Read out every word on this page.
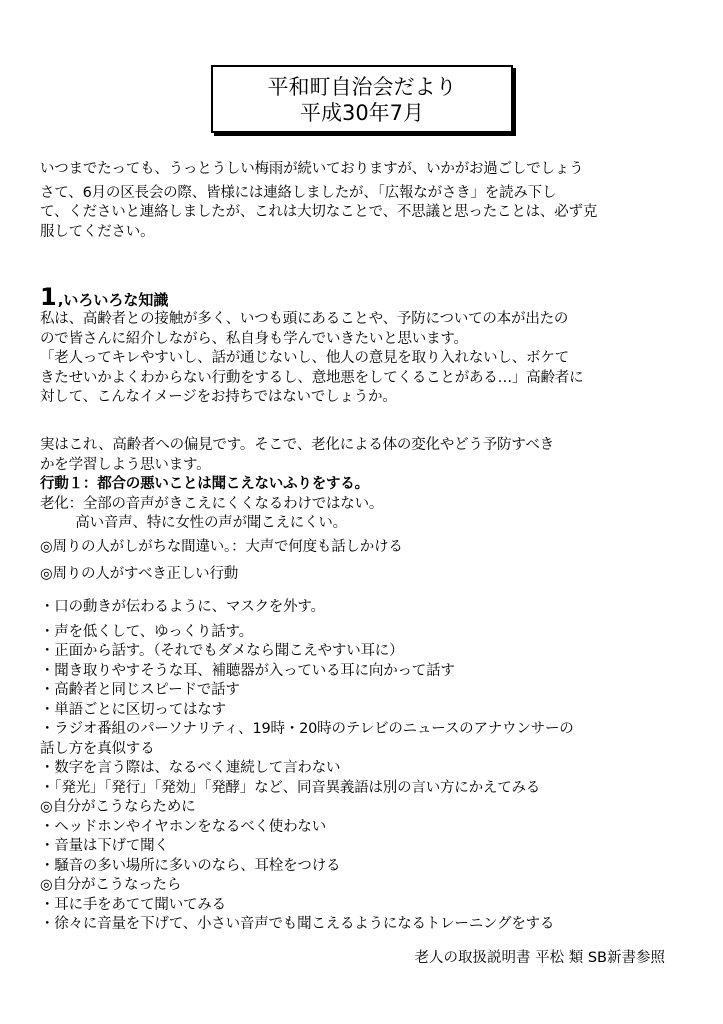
平和町自治会だより
平成30年7月
いつまでたっても、うっとうしい梅雨が続いておりますが、いかがお過ごしでしょう
さて、6月の区長会の際、皆様には連絡しましたが、「広報ながさき」を読み下し
て、くださいと連絡しましたが、これは大切なことで、不思議と思ったことは、必ず克
服してください。
1,いろいろな知識
私は、高齢者との接触が多く、いつも頭にあることや、予防についての本が出たの
ので皆さんに紹介しながら、私自身も学んでいきたいと思います。
「老人ってキレやすいし、話が通じないし、他人の意見を取り入れないし、ボケて
きたせいかよくわからない行動をするし、意地悪をしてくることがある…」高齢者に
対して、こんなイメージをお持ちではないでしょうか。
実はこれ、高齢者への偏見です。そこで、老化による体の変化やどう予防すべき
かを学習しよう思います。
行動１：都合の悪いことは聞こえないふりをする。
老化：全部の音声がきこえにくくなるわけではない。
高い音声、特に女性の声が聞こえにくい。
◎周りの人がしがちな間違い。：大声で何度も話しかける
◎周りの人がすべき正しい行動
・口の動きが伝わるように、マスクを外す。
・声を低くして、ゆっくり話す。
・正面から話す。（それでもダメなら聞こえやすい耳に）
・聞き取りやすそうな耳、補聴器が入っている耳に向かって話す
・高齢者と同じスピードで話す
・単語ごとに区切ってはなす
・ラジオ番組のパーソナリティ、19時・20時のテレビのニュースのアナウンサーの
話し方を真似する
・数字を言う際は、なるべく連続して言わない
・「発光」「発行」「発効」「発酵」など、同音異義語は別の言い方にかえてみる
◎自分がこうならために
・ヘッドホンやイヤホンをなるべく使わない
・音量は下げて聞く
・騒音の多い場所に多いのなら、耳栓をつける
◎自分がこうなったら
・耳に手をあてて聞いてみる
・徐々に音量を下げて、小さい音声でも聞こえるようになるトレーニングをする
老人の取扱説明書 平松 類 SB新書参照
